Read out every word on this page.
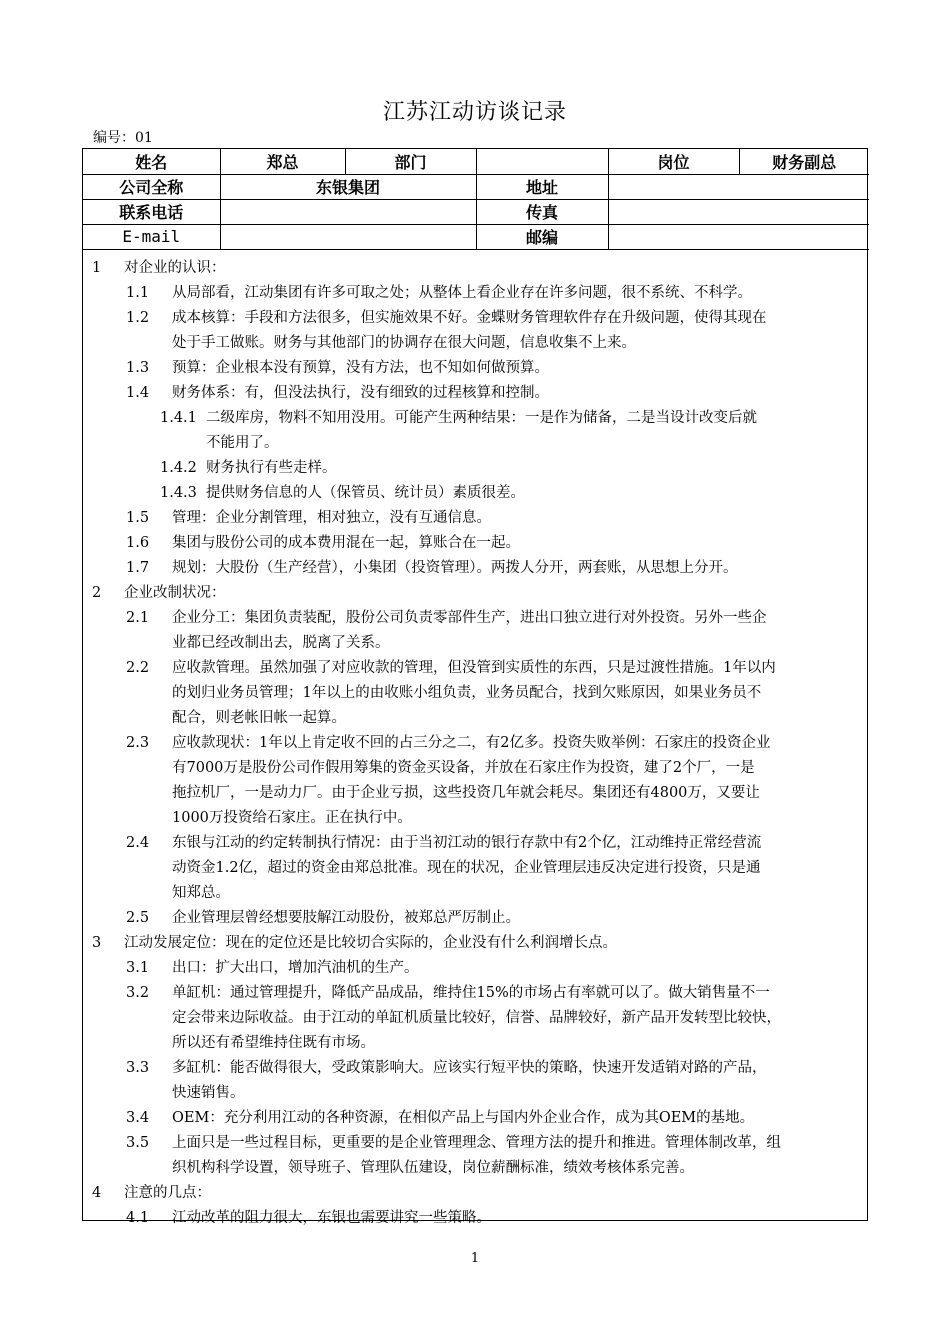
江苏江动访谈记录
编号：01
姓名	郑总	部门		岗位	财务副总
公司全称	东银集团		地址		
联系电话			传真		
E-mail			邮编		
1 对企业的认识：
1.1 从局部看，江动集团有许多可取之处；从整体上看企业存在许多问题，很不系统、不科学。
1.2 成本核算：手段和方法很多，但实施效果不好。金蝶财务管理软件存在升级问题，使得其现在
处于手工做账。财务与其他部门的协调存在很大问题，信息收集不上来。
1.3 预算：企业根本没有预算，没有方法，也不知如何做预算。
1.4 财务体系：有，但没法执行，没有细致的过程核算和控制。
1.4.1 二级库房，物料不知用没用。可能产生两种结果：一是作为储备，二是当设计改变后就
不能用了。
1.4.2 财务执行有些走样。
1.4.3 提供财务信息的人（保管员、统计员）素质很差。
1.5 管理：企业分割管理，相对独立，没有互通信息。
1.6 集团与股份公司的成本费用混在一起，算账合在一起。
1.7 规划：大股份（生产经营），小集团（投资管理）。两拨人分开，两套账，从思想上分开。
2 企业改制状况：
2.1 企业分工：集团负责装配，股份公司负责零部件生产，进出口独立进行对外投资。另外一些企
业都已经改制出去，脱离了关系。
2.2 应收款管理。虽然加强了对应收款的管理，但没管到实质性的东西，只是过渡性措施。1年以内
的划归业务员管理；1年以上的由收账小组负责，业务员配合，找到欠账原因，如果业务员不
配合，则老帐旧帐一起算。
2.3 应收款现状：1年以上肯定收不回的占三分之二，有2亿多。投资失败举例：石家庄的投资企业
有7000万是股份公司作假用筹集的资金买设备，并放在石家庄作为投资，建了2个厂，一是
拖拉机厂，一是动力厂。由于企业亏损，这些投资几年就会耗尽。集团还有4800万，又要让
1000万投资给石家庄。正在执行中。
2.4 东银与江动的约定转制执行情况：由于当初江动的银行存款中有2个亿，江动维持正常经营流
动资金1.2亿，超过的资金由郑总批准。现在的状况，企业管理层违反决定进行投资，只是通
知郑总。
2.5 企业管理层曾经想要肢解江动股份，被郑总严厉制止。
3 江动发展定位：现在的定位还是比较切合实际的，企业没有什么利润增长点。
3.1 出口：扩大出口，增加汽油机的生产。
3.2 单缸机：通过管理提升，降低产品成品，维持住15%的市场占有率就可以了。做大销售量不一
定会带来边际收益。由于江动的单缸机质量比较好，信誉、品牌较好，新产品开发转型比较快，
所以还有希望维持住既有市场。
3.3 多缸机：能否做得很大，受政策影响大。应该实行短平快的策略，快速开发适销对路的产品，
快速销售。
3.4 OEM：充分利用江动的各种资源，在相似产品上与国内外企业合作，成为其OEM的基地。
3.5 上面只是一些过程目标，更重要的是企业管理理念、管理方法的提升和推进。管理体制改革，组
织机构科学设置，领导班子、管理队伍建设，岗位薪酬标准，绩效考核体系完善。
4 注意的几点：
4.1 江动改革的阻力很大，东银也需要讲究一些策略。
1
